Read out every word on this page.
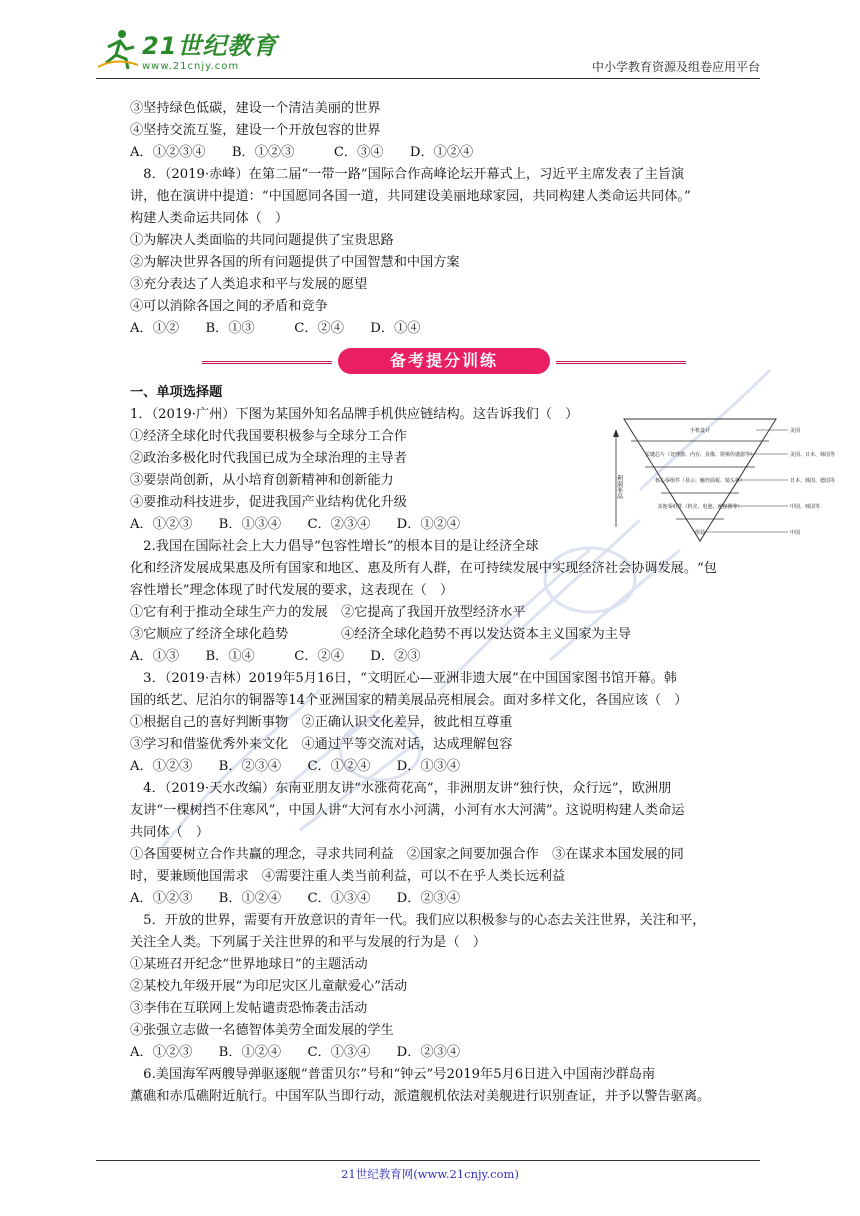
21世纪教育
www.21cnjy.com	中小学教育资源及组卷应用平台
③坚持绿色低碳，建设一个清洁美丽的世界
④坚持交流互鉴，建设一个开放包容的世界
A．①②③④　　B．①②③　　　C．③④　　D．①②④
　8．（2019·赤峰）在第二届“一带一路”国际合作高峰论坛开幕式上，习近平主席发表了主旨演
讲，他在演讲中提道：“中国愿同各国一道，共同建设美丽地球家园，共同构建人类命运共同体。”
构建人类命运共同体（　）
①为解决人类面临的共同问题提供了宝贵思路
②为解决世界各国的所有问题提供了中国智慧和中国方案
③充分表达了人类追求和平与发展的愿望
④可以消除各国之间的矛盾和竞争
A．①②　　B．①③　　　C．②④　　D．①④
备考提分训练
一、单项选择题
1．（2019·广州）下图为某国外知名品牌手机供应链结构。这告诉我们（　）
①经济全球化时代我国要积极参与全球分工合作
②政治多极化时代我国已成为全球治理的主导者
③要崇尚创新，从小培育创新精神和创新能力
④要推动科技进步，促进我国产业结构优化升级
A．①②③　　B．①③④　　C．②③④　　D．①②④
　2.我国在国际社会上大力倡导“包容性增长”的根本目的是让经济全球
化和经济发展成果惠及所有国家和地区、惠及所有人群，在可持续发展中实现经济社会协调发展。“包
容性增长”理念体现了时代发展的要求，这表现在（　）
①它有利于推动全球生产力的发展　②它提高了我国开放型经济水平
③它顺应了经济全球化趋势　　　　④经济全球化趋势不再以发达资本主义国家为主导
A．①③　　B．①④　　　C．②④　　D．②③
　3．（2019·吉林）2019年5月16日，“文明匠心—亚洲非遗大展”在中国国家图书馆开幕。韩
国的纸艺、尼泊尔的铜器等14个亚洲国家的精美展品亮相展会。面对多样文化，各国应该（　）
①根据自己的喜好判断事物　②正确认识文化差异，彼此相互尊重
③学习和借鉴优秀外来文化　④通过平等交流对话，达成理解包容
A．①②③　　B．②③④　　C．①②④　　D．①③④
　4．（2019·天水改编）东南亚朋友讲“水涨荷花高”，非洲朋友讲“独行快，众行远”，欧洲朋
友讲“一棵树挡不住寒风”，中国人讲“大河有水小河满，小河有水大河满”。这说明构建人类命运
共同体（　）
①各国要树立合作共赢的理念，寻求共同利益　②国家之间要加强合作　③在谋求本国发展的同
时，要兼顾他国需求　④需要注重人类当前利益，可以不在乎人类长远利益
A．①②③　　B．①②④　　C．①③④　　D．②③④
　5．开放的世界，需要有开放意识的青年一代。我们应以积极参与的心态去关注世界，关注和平，
关注全人类。下列属于关注世界的和平与发展的行为是（　）
①某班召开纪念“世界地球日”的主题活动
②某校九年级开展“为印尼灾区儿童献爱心”活动
③李伟在互联网上发帖谴责恐怖袭击活动
④张强立志做一名德智体美劳全面发展的学生
A．①②③　　B．①②④　　C．①③④　　D．②③④
　6.美国海军两艘导弹驱逐舰“普雷贝尔”号和“钟云”号2019年5月6日进入中国南沙群岛南
薰礁和赤瓜礁附近航行。中国军队当即行动，派遣舰机依法对美舰进行识别查证，并予以警告驱离。
利润率高
手机设计	美国
关键芯片（处理器、内存、显像、射频传感器等）	美国、日本、韩国等
核心零组件（显示、触控面板、镜头等）	日本、韩国、德国等
其他零组件（机壳、电池、连接器等）	中国、韩国等
组装	中国
21世纪教育网(www.21cnjy.com)
